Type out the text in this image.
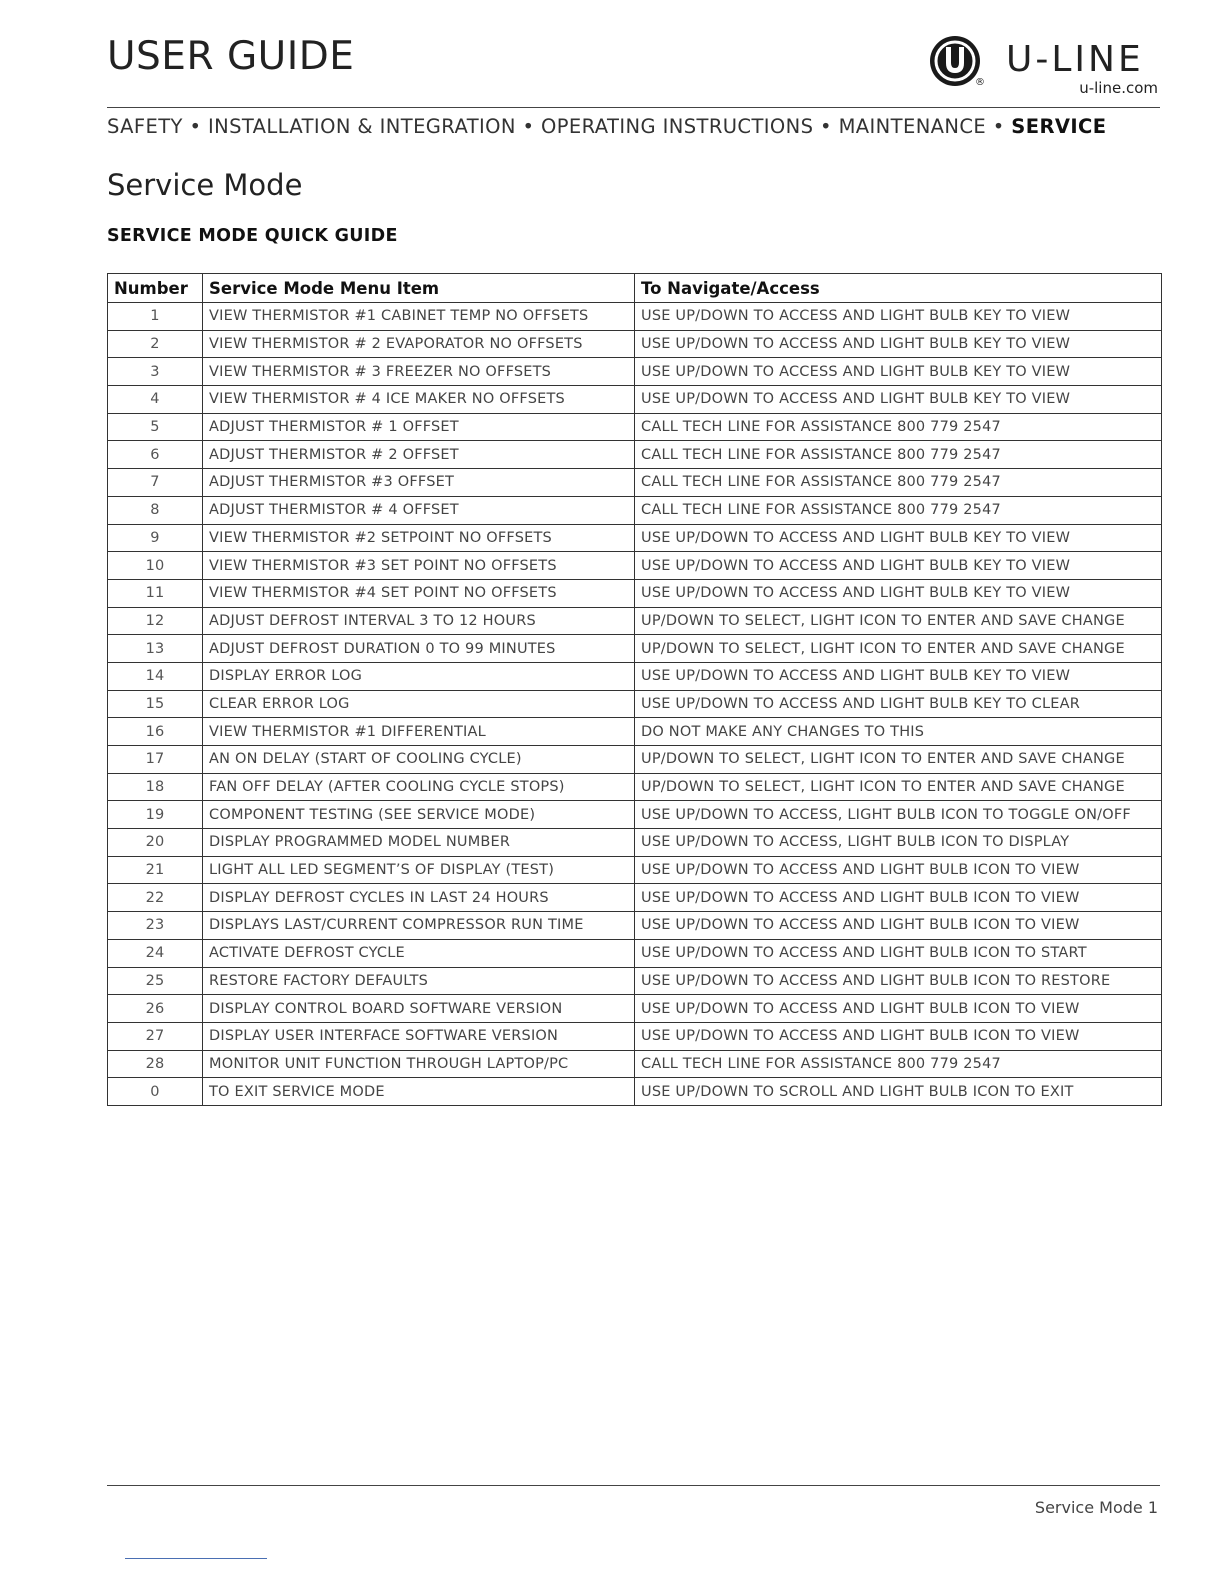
USER GUIDE
®
U-LINE
u-line.com
SAFETY • INSTALLATION & INTEGRATION • OPERATING INSTRUCTIONS • MAINTENANCE • SERVICE
Service Mode
SERVICE MODE QUICK GUIDE
Number	Service Mode Menu Item	To Navigate/Access
1	VIEW THERMISTOR #1 CABINET TEMP NO OFFSETS	USE UP/DOWN TO ACCESS AND LIGHT BULB KEY TO VIEW
2	VIEW THERMISTOR # 2 EVAPORATOR NO OFFSETS	USE UP/DOWN TO ACCESS AND LIGHT BULB KEY TO VIEW
3	VIEW THERMISTOR # 3 FREEZER NO OFFSETS	USE UP/DOWN TO ACCESS AND LIGHT BULB KEY TO VIEW
4	VIEW THERMISTOR # 4 ICE MAKER NO OFFSETS	USE UP/DOWN TO ACCESS AND LIGHT BULB KEY TO VIEW
5	ADJUST THERMISTOR # 1 OFFSET	CALL TECH LINE FOR ASSISTANCE 800 779 2547
6	ADJUST THERMISTOR # 2 OFFSET	CALL TECH LINE FOR ASSISTANCE 800 779 2547
7	ADJUST THERMISTOR #3 OFFSET	CALL TECH LINE FOR ASSISTANCE 800 779 2547
8	ADJUST THERMISTOR # 4 OFFSET	CALL TECH LINE FOR ASSISTANCE 800 779 2547
9	VIEW THERMISTOR #2 SETPOINT NO OFFSETS	USE UP/DOWN TO ACCESS AND LIGHT BULB KEY TO VIEW
10	VIEW THERMISTOR #3 SET POINT NO OFFSETS	USE UP/DOWN TO ACCESS AND LIGHT BULB KEY TO VIEW
11	VIEW THERMISTOR #4 SET POINT NO OFFSETS	USE UP/DOWN TO ACCESS AND LIGHT BULB KEY TO VIEW
12	ADJUST DEFROST INTERVAL 3 TO 12 HOURS	UP/DOWN TO SELECT, LIGHT ICON TO ENTER AND SAVE CHANGE
13	ADJUST DEFROST DURATION 0 TO 99 MINUTES	UP/DOWN TO SELECT, LIGHT ICON TO ENTER AND SAVE CHANGE
14	DISPLAY ERROR LOG	USE UP/DOWN TO ACCESS AND LIGHT BULB KEY TO VIEW
15	CLEAR ERROR LOG	USE UP/DOWN TO ACCESS AND LIGHT BULB KEY TO CLEAR
16	VIEW THERMISTOR #1 DIFFERENTIAL	DO NOT MAKE ANY CHANGES TO THIS
17	AN ON DELAY (START OF COOLING CYCLE)	UP/DOWN TO SELECT, LIGHT ICON TO ENTER AND SAVE CHANGE
18	FAN OFF DELAY (AFTER COOLING CYCLE STOPS)	UP/DOWN TO SELECT, LIGHT ICON TO ENTER AND SAVE CHANGE
19	COMPONENT TESTING (SEE SERVICE MODE)	USE UP/DOWN TO ACCESS, LIGHT BULB ICON TO TOGGLE ON/OFF
20	DISPLAY PROGRAMMED MODEL NUMBER	USE UP/DOWN TO ACCESS, LIGHT BULB ICON TO DISPLAY
21	LIGHT ALL LED SEGMENT’S OF DISPLAY (TEST)	USE UP/DOWN TO ACCESS AND LIGHT BULB ICON TO VIEW
22	DISPLAY DEFROST CYCLES IN LAST 24 HOURS	USE UP/DOWN TO ACCESS AND LIGHT BULB ICON TO VIEW
23	DISPLAYS LAST/CURRENT COMPRESSOR RUN TIME	USE UP/DOWN TO ACCESS AND LIGHT BULB ICON TO VIEW
24	ACTIVATE DEFROST CYCLE	USE UP/DOWN TO ACCESS AND LIGHT BULB ICON TO START
25	RESTORE FACTORY DEFAULTS	USE UP/DOWN TO ACCESS AND LIGHT BULB ICON TO RESTORE
26	DISPLAY CONTROL BOARD SOFTWARE VERSION	USE UP/DOWN TO ACCESS AND LIGHT BULB ICON TO VIEW
27	DISPLAY USER INTERFACE SOFTWARE VERSION	USE UP/DOWN TO ACCESS AND LIGHT BULB ICON TO VIEW
28	MONITOR UNIT FUNCTION THROUGH LAPTOP/PC	CALL TECH LINE FOR ASSISTANCE 800 779 2547
0	TO EXIT SERVICE MODE	USE UP/DOWN TO SCROLL AND LIGHT BULB ICON TO EXIT
Service Mode 1
